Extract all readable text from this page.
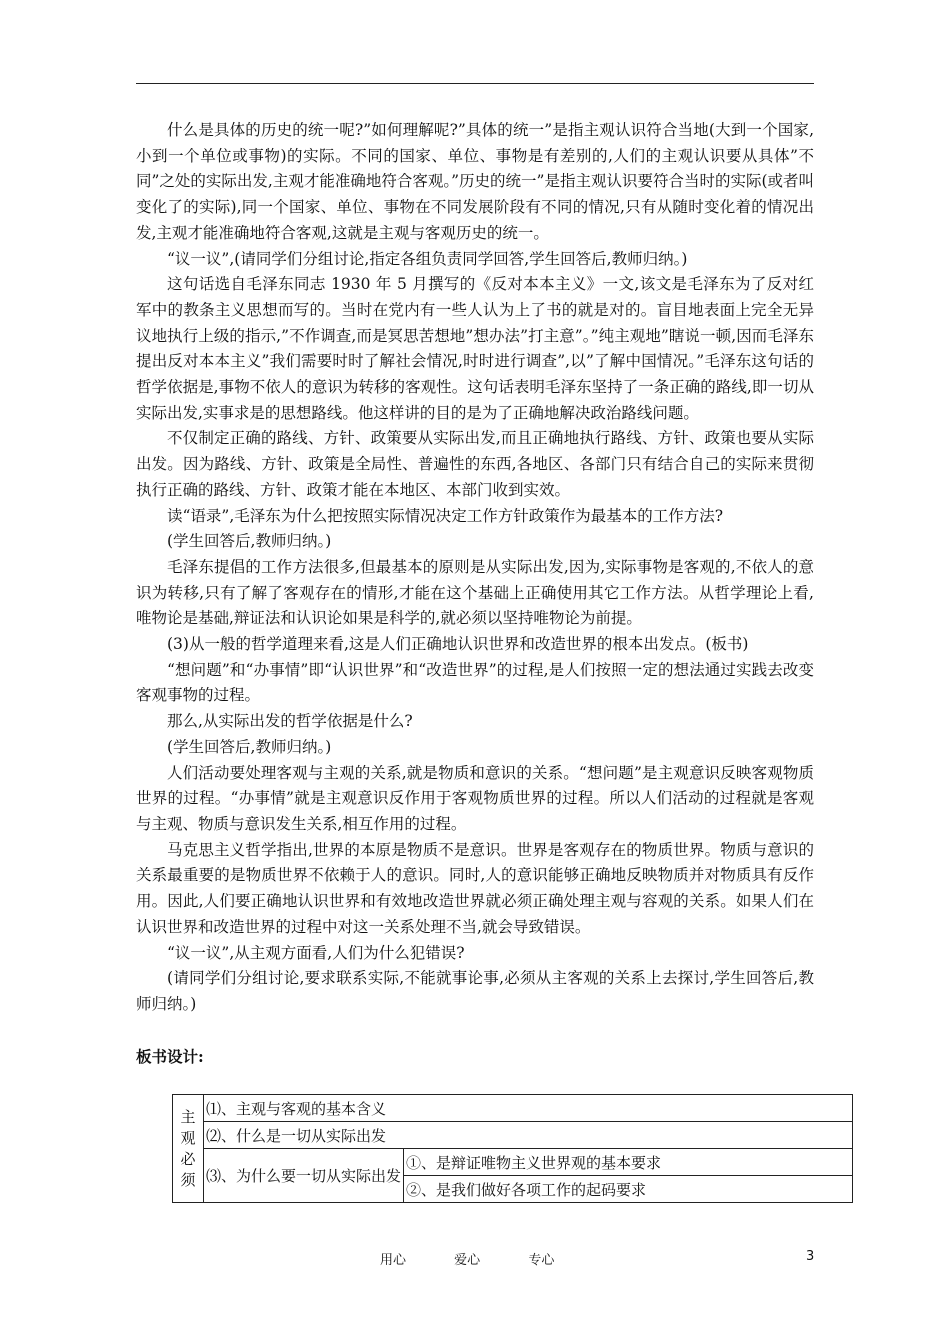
什么是具体的历史的统一呢?”如何理解呢?”具体的统一”是指主观认识符合当地(大到一个国家,小到一个单位或事物)的实际。不同的国家、单位、事物是有差别的,人们的主观认识要从具体”不同”之处的实际出发,主观才能准确地符合客观。”历史的统一”是指主观认识要符合当时的实际(或者叫变化了的实际),同一个国家、单位、事物在不同发展阶段有不同的情况,只有从随时变化着的情况出发,主观才能准确地符合客观,这就是主观与客观历史的统一。

“议一议”,(请同学们分组讨论,指定各组负责同学回答,学生回答后,教师归纳。)

这句话选自毛泽东同志 1930 年 5 月撰写的《反对本本主义》一文,该文是毛泽东为了反对红军中的教条主义思想而写的。当时在党内有一些人认为上了书的就是对的。盲目地表面上完全无异议地执行上级的指示,”不作调查,而是冥思苦想地”想办法”打主意”。”纯主观地”瞎说一顿,因而毛泽东提出反对本本主义”我们需要时时了解社会情况,时时进行调查”,以”了解中国情况。”毛泽东这句话的哲学依据是,事物不依人的意识为转移的客观性。这句话表明毛泽东坚持了一条正确的路线,即一切从实际出发,实事求是的思想路线。他这样讲的目的是为了正确地解决政治路线问题。

不仅制定正确的路线、方针、政策要从实际出发,而且正确地执行路线、方针、政策也要从实际出发。因为路线、方针、政策是全局性、普遍性的东西,各地区、各部门只有结合自己的实际来贯彻执行正确的路线、方针、政策才能在本地区、本部门收到实效。

读“语录”,毛泽东为什么把按照实际情况决定工作方针政策作为最基本的工作方法?

(学生回答后,教师归纳。)

毛泽东提倡的工作方法很多,但最基本的原则是从实际出发,因为,实际事物是客观的,不依人的意识为转移,只有了解了客观存在的情形,才能在这个基础上正确使用其它工作方法。从哲学理论上看,唯物论是基础,辩证法和认识论如果是科学的,就必须以坚持唯物论为前提。

(3)从一般的哲学道理来看,这是人们正确地认识世界和改造世界的根本出发点。(板书)

“想问题”和“办事情”即“认识世界”和“改造世界”的过程,是人们按照一定的想法通过实践去改变客观事物的过程。

那么,从实际出发的哲学依据是什么?

(学生回答后,教师归纳。)

人们活动要处理客观与主观的关系,就是物质和意识的关系。“想问题”是主观意识反映客观物质世界的过程。“办事情”就是主观意识反作用于客观物质世界的过程。所以人们活动的过程就是客观与主观、物质与意识发生关系,相互作用的过程。

马克思主义哲学指出,世界的本原是物质不是意识。世界是客观存在的物质世界。物质与意识的关系最重要的是物质世界不依赖于人的意识。同时,人的意识能够正确地反映物质并对物质具有反作用。因此,人们要正确地认识世界和有效地改造世界就必须正确处理主观与容观的关系。如果人们在认识世界和改造世界的过程中对这一关系处理不当,就会导致错误。

“议一议”,从主观方面看,人们为什么犯错误?

(请同学们分组讨论,要求联系实际,不能就事论事,必须从主客观的关系上去探讨,学生回答后,教师归纳。)

板书设计:

主
观
必
须	⑴、主观与客观的基本含义	
	⑵、什么是一切从实际出发	
	⑶、为什么要一切从实际出发	①、是辩证唯物主义世界观的基本要求
		②、是我们做好各项工作的起码要求
用心	爱心	专心	3
